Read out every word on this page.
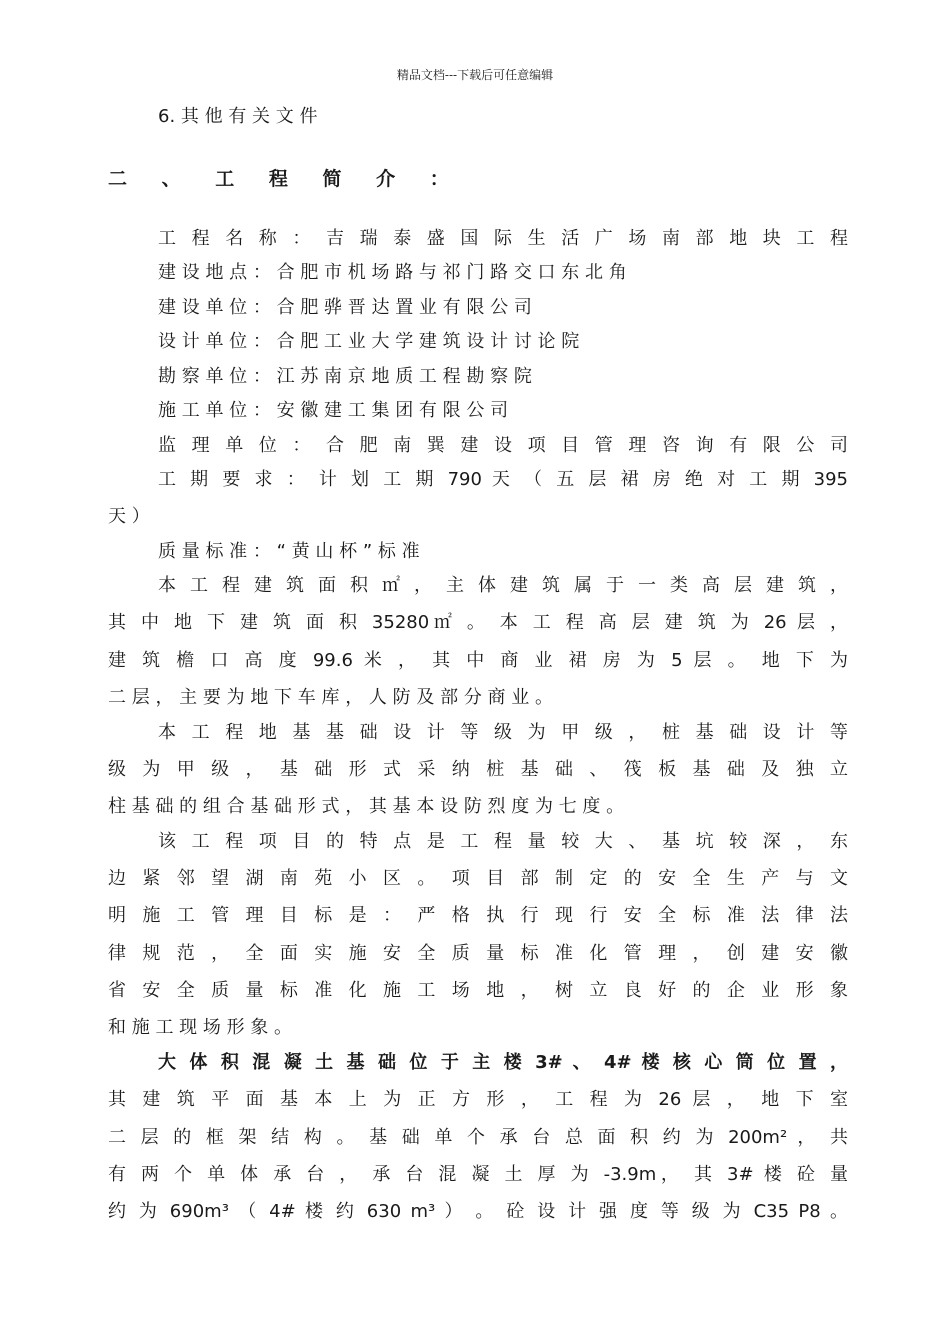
精品文档---下载后可任意编辑
6. 其 他 有 关 文 件
二 、 工 程 简 介 ：
工 程 名 称 ： 吉 瑞 泰 盛 国 际 生 活 广 场 南 部 地 块 工 程
建 设 地 点 ： 合 肥 市 机 场 路 与 祁 门 路 交 口 东 北 角
建 设 单 位 ： 合 肥 骅 晋 达 置 业 有 限 公 司
设 计 单 位 ： 合 肥 工 业 大 学 建 筑 设 计 讨 论 院
勘 察 单 位 ： 江 苏 南 京 地 质 工 程 勘 察 院
施 工 单 位 ： 安 徽 建 工 集 团 有 限 公 司
监 理 单 位 ： 合 肥 南 巽 建 设 项 目 管 理 咨 询 有 限 公 司
工 期 要 求 ： 计 划 工 期 790 天 （ 五 层 裙 房 绝 对 工 期 395
天 ）
质 量 标 准 ： “ 黄 山 杯 ” 标 准
本 工 程 建 筑 面 积 ㎡ ， 主 体 建 筑 属 于 一 类 高 层 建 筑 ，
其 中 地 下 建 筑 面 积 35280㎡ 。 本 工 程 高 层 建 筑 为 26 层 ，
建 筑 檐 口 高 度 99.6 米 ， 其 中 商 业 裙 房 为 5 层 。 地 下 为
二 层 ， 主 要 为 地 下 车 库 ， 人 防 及 部 分 商 业 。
本 工 程 地 基 基 础 设 计 等 级 为 甲 级 ， 桩 基 础 设 计 等
级 为 甲 级 ， 基 础 形 式 采 纳 桩 基 础 、 筏 板 基 础 及 独 立
柱 基 础 的 组 合 基 础 形 式 ， 其 基 本 设 防 烈 度 为 七 度 。
该 工 程 项 目 的 特 点 是 工 程 量 较 大 、 基 坑 较 深 ， 东
边 紧 邻 望 湖 南 苑 小 区 。 项 目 部 制 定 的 安 全 生 产 与 文
明 施 工 管 理 目 标 是 ： 严 格 执 行 现 行 安 全 标 准 法 律 法
律 规 范 ， 全 面 实 施 安 全 质 量 标 准 化 管 理 ， 创 建 安 徽
省 安 全 质 量 标 准 化 施 工 场 地 ， 树 立 良 好 的 企 业 形 象
和 施 工 现 场 形 象 。
大 体 积 混 凝 土 基 础 位 于 主 楼 3# 、 4# 楼 核 心 筒 位 置 ，
其 建 筑 平 面 基 本 上 为 正 方 形 ， 工 程 为 26 层 ， 地 下 室
二 层 的 框 架 结 构 。 基 础 单 个 承 台 总 面 积 约 为 200m² ， 共
有 两 个 单 体 承 台 ， 承 台 混 凝 土 厚 为 -3.9m， 其 3# 楼 砼 量
约 为 690m³ （ 4# 楼 约 630 m³ ） 。 砼 设 计 强 度 等 级 为 C35 P8 。
